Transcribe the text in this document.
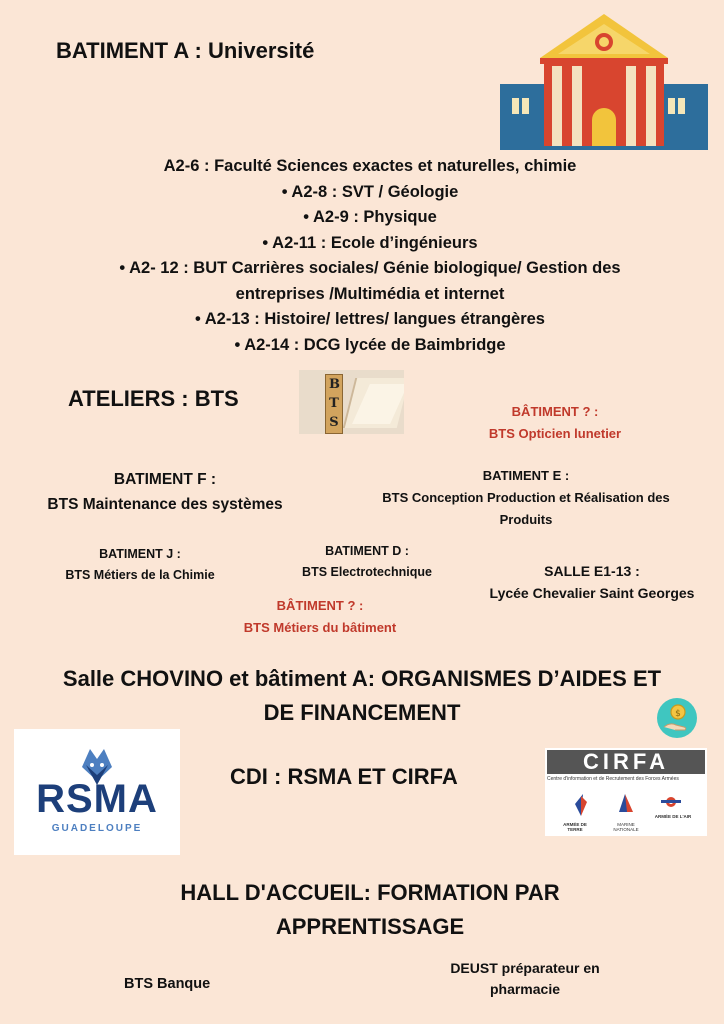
BATIMENT A : Université
A2-6 : Faculté Sciences exactes et naturelles, chimie
• A2-8 : SVT / Géologie
• A2-9 : Physique
• A2-11 : Ecole d’ingénieurs
• A2- 12 : BUT Carrières sociales/ Génie biologique/ Gestion des
entreprises /Multimédia et internet
• A2-13 : Histoire/ lettres/ langues étrangères
• A2-14 : DCG lycée de Baimbridge
ATELIERS : BTS
B T S
BÂTIMENT ? :
BTS Opticien lunetier
BATIMENT F :
BTS Maintenance des systèmes
BATIMENT E :
BTS Conception Production et Réalisation des
Produits
BATIMENT J :
BTS Métiers de la Chimie
BATIMENT D :
BTS Electrotechnique	SALLE E1-13 :
Lycée Chevalier Saint Georges
BÂTIMENT ? :
BTS Métiers du bâtiment
Salle CHOVINO et bâtiment A: ORGANISMES D’AIDES ET
DE FINANCEMENT	$
CDI : RSMA ET CIRFA
RSMA
GUADELOUPE
CIRFA
Centre d'information et de Recrutement des Forces Armées
ARMÉE DE TERRE
MARINE NATIONALE
ARMÉE DE L'AIR
HALL D'ACCUEIL: FORMATION PAR
APPRENTISSAGE
BTS Banque
DEUST préparateur en
pharmacie
